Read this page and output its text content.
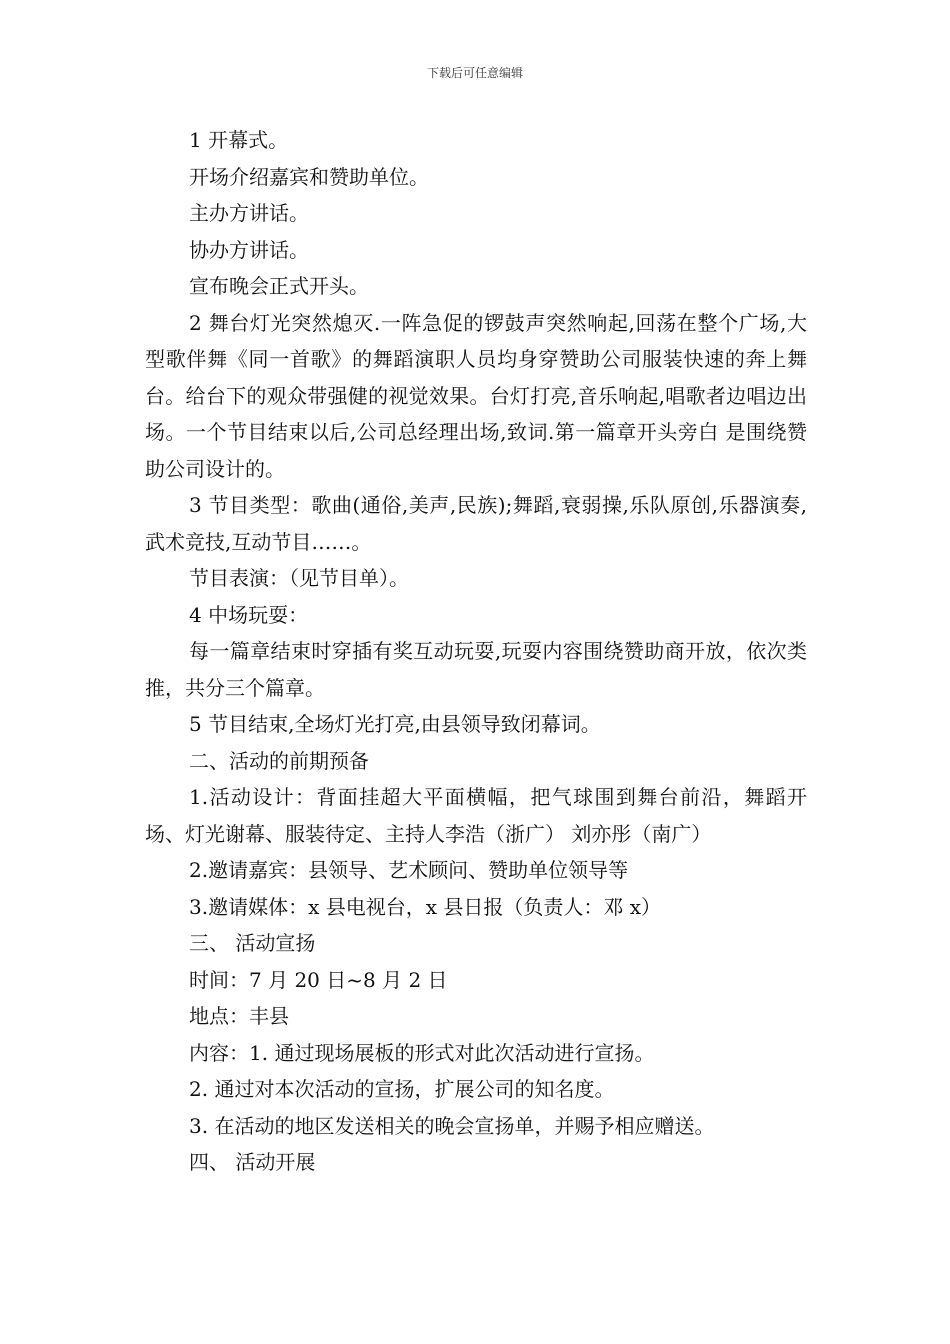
下载后可任意编辑

1 开幕式。

开场介绍嘉宾和赞助单位。

主办方讲话。

协办方讲话。

宣布晚会正式开头。

2 舞台灯光突然熄灭.一阵急促的锣鼓声突然响起,回荡在整个广场,大型歌伴舞《同一首歌》的舞蹈演职人员均身穿赞助公司服装快速的奔上舞 台。给台下的观众带强健的视觉效果。台灯打亮,音乐响起,唱歌者边唱边出场。一个节目结束以后,公司总经理出场,致词.第一篇章开头旁白 是围绕赞助公司设计的。

3 节目类型：歌曲(通俗,美声,民族);舞蹈,衰弱操,乐队原创,乐器演奏,武术竞技,互动节目……。

节目表演：（见节目单）。

4 中场玩耍：

每一篇章结束时穿插有奖互动玩耍,玩耍内容围绕赞助商开放，依次类推，共分三个篇章。

5 节目结束,全场灯光打亮,由县领导致闭幕词。

二、活动的前期预备

1.活动设计：背面挂超大平面横幅，把气球围到舞台前沿，舞蹈开场、灯光谢幕、服装待定、主持人李浩（浙广） 刘亦彤（南广）

2.邀请嘉宾：县领导、艺术顾问、赞助单位领导等

3.邀请媒体：x 县电视台，x 县日报（负责人：邓 x）

三、 活动宣扬

时间：7 月 20 日~8 月 2 日

地点：丰县

内容：1. 通过现场展板的形式对此次活动进行宣扬。

2. 通过对本次活动的宣扬，扩展公司的知名度。

3. 在活动的地区发送相关的晚会宣扬单，并赐予相应赠送。

四、 活动开展
